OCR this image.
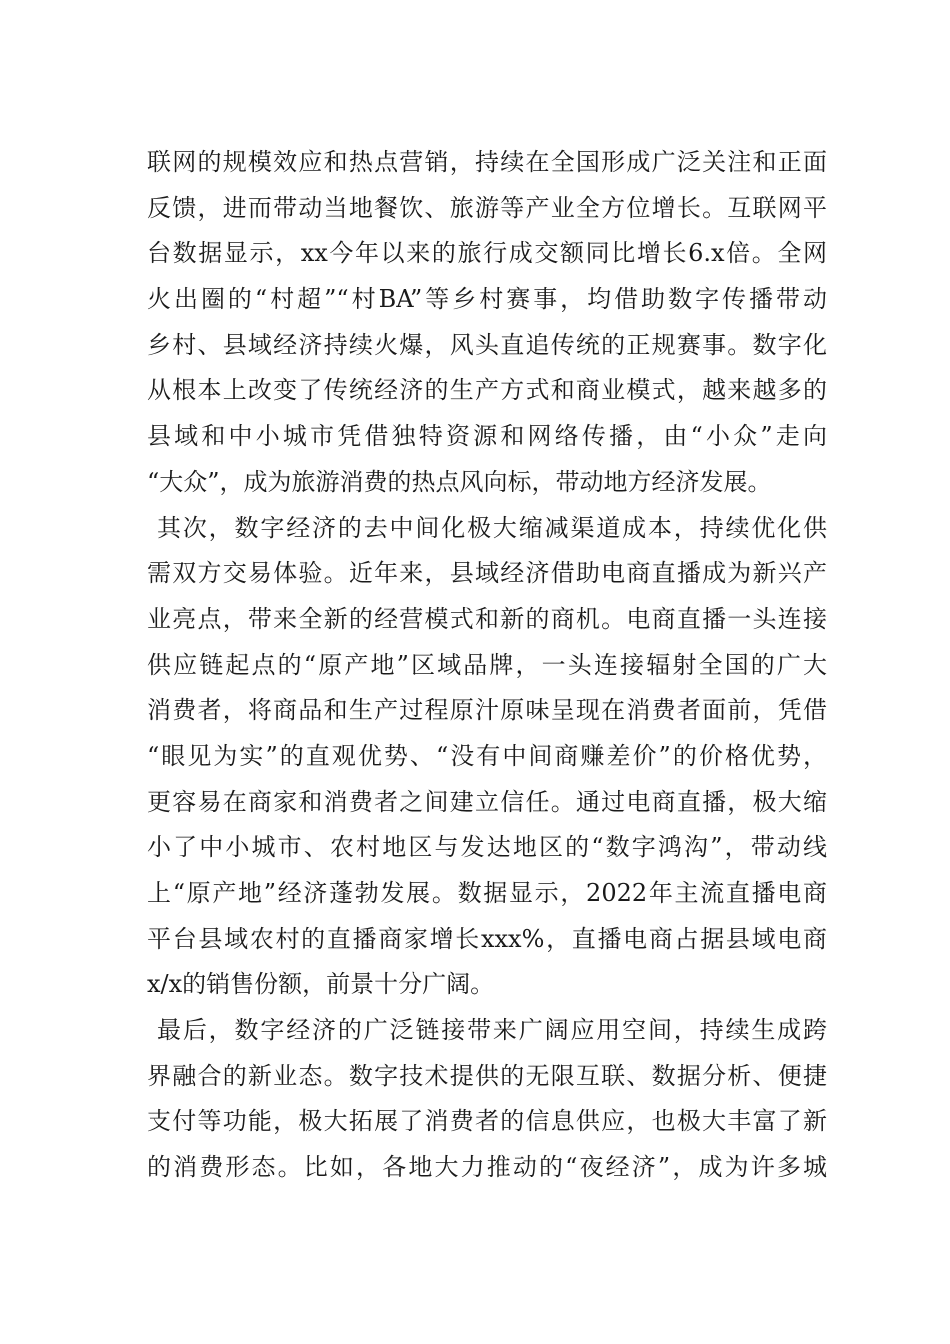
联网的规模效应和热点营销，持续在全国形成广泛关注和正面
反馈，进而带动当地餐饮、旅游等产业全方位增长。互联网平
台数据显示，xx今年以来的旅行成交额同比增长6.x倍。全网
火出圈的“村超”“村BA”等乡村赛事，均借助数字传播带动
乡村、县域经济持续火爆，风头直追传统的正规赛事。数字化
从根本上改变了传统经济的生产方式和商业模式，越来越多的
县域和中小城市凭借独特资源和网络传播，由“小众”走向
“大众”，成为旅游消费的热点风向标，带动地方经济发展。
其次，数字经济的去中间化极大缩减渠道成本，持续优化供
需双方交易体验。近年来，县域经济借助电商直播成为新兴产
业亮点，带来全新的经营模式和新的商机。电商直播一头连接
供应链起点的“原产地”区域品牌，一头连接辐射全国的广大
消费者，将商品和生产过程原汁原味呈现在消费者面前，凭借
“眼见为实”的直观优势、“没有中间商赚差价”的价格优势，
更容易在商家和消费者之间建立信任。通过电商直播，极大缩
小了中小城市、农村地区与发达地区的“数字鸿沟”，带动线
上“原产地”经济蓬勃发展。数据显示，2022年主流直播电商
平台县域农村的直播商家增长xxx%，直播电商占据县域电商
x/x的销售份额，前景十分广阔。
最后，数字经济的广泛链接带来广阔应用空间，持续生成跨
界融合的新业态。数字技术提供的无限互联、数据分析、便捷
支付等功能，极大拓展了消费者的信息供应，也极大丰富了新
的消费形态。比如，各地大力推动的“夜经济”，成为许多城
